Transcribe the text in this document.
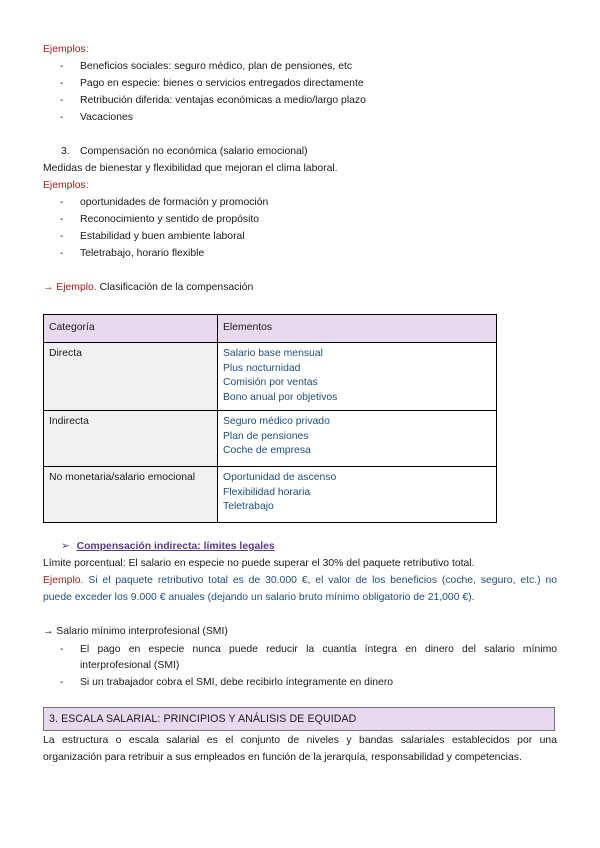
Ejemplos:
- Beneficios sociales: seguro médico, plan de pensiones, etc
- Pago en especie: bienes o servicios entregados directamente
- Retribución diferida: ventajas económicas a medio/largo plazo
- Vacaciones
3. Compensación no económica (salario emocional)
Medidas de bienestar y flexibilidad que mejoran el clima laboral.
Ejemplos:
- oportunidades de formación y promoción
- Reconocimiento y sentido de propósito
- Estabilidad y buen ambiente laboral
- Teletrabajo, horario flexible
→ Ejemplo. Clasificación de la compensación
Categoría	Elementos
Directa	Salario base mensual
Plus nocturnidad
Comisión por ventas
Bono anual por objetivos

Indirecta	Seguro médico privado
Plan de pensiones
Coche de empresa

No monetaria/salario emocional	Oportunidad de ascenso
Flexibilidad horaria
Teletrabajo
➢ Compensación indirecta: límites legales
Límite porcentual: El salario en especie no puede superar el 30% del paquete retributivo total.
Ejemplo. Si el paquete retributivo total es de 30.000 €, el valor de los beneficios (coche, seguro, etc.) no
puede exceder los 9.000 € anuales (dejando un salario bruto mínimo obligatorio de 21,000 €).
→ Salario mínimo interprofesional (SMI)
- El pago en especie nunca puede reducir la cuantía íntegra en dinero del salario mínimo
interprofesional (SMI)
- Si un trabajador cobra el SMI, debe recibirlo íntegramente en dinero
3. ESCALA SALARIAL: PRINCIPIOS Y ANÁLISIS DE EQUIDAD
La estructura o escala salarial es el conjunto de niveles y bandas salariales establecidos por una
organización para retribuir a sus empleados en función de la jerarquía, responsabilidad y competencias.
